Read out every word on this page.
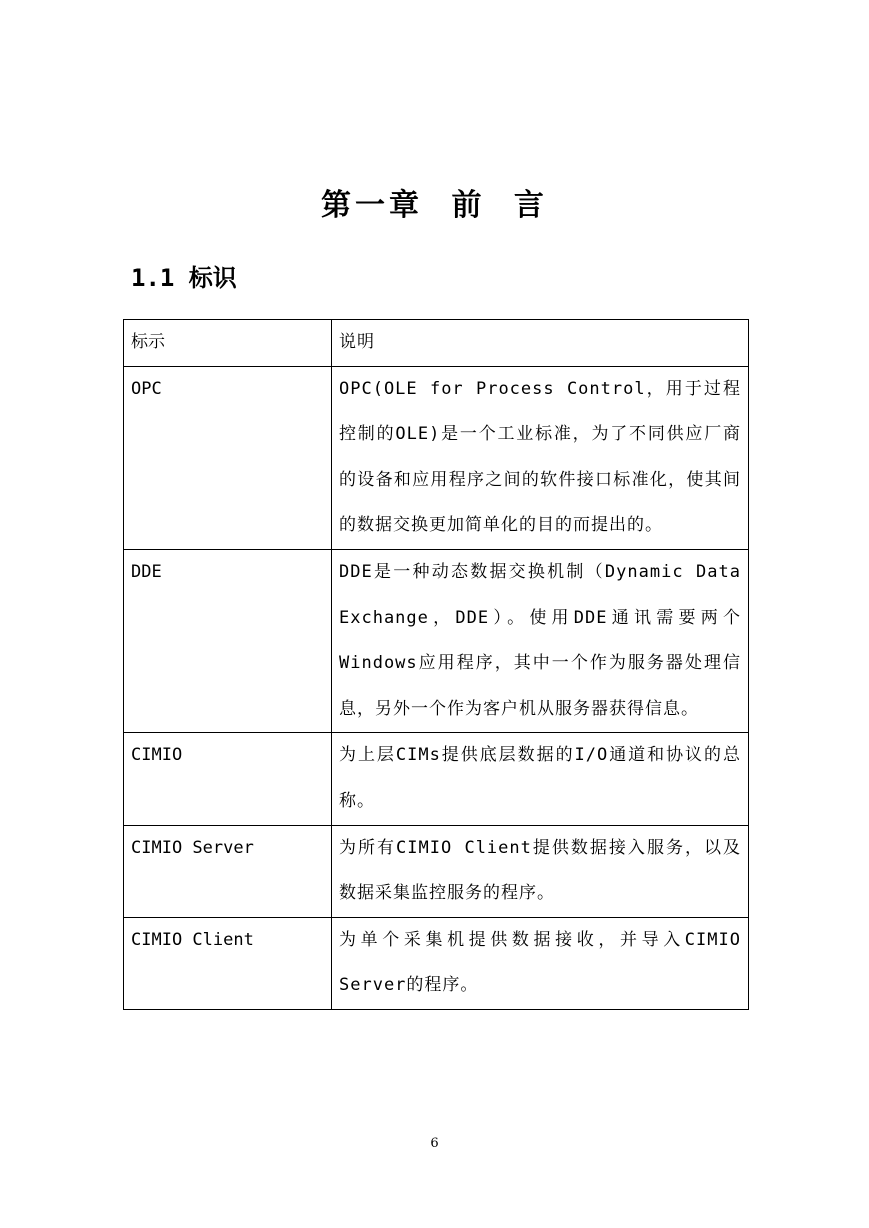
第一章 前 言
1.1 标识
标示	说明
OPC	OPC(OLE for Process Control，用于过程控制的OLE)是一个工业标准，为了不同供应厂商的设备和应用程序之间的软件接口标准化，使其间的数据交换更加简单化的目的而提出的。
DDE	DDE是一种动态数据交换机制（Dynamic Data Exchange，DDE）。使用DDE通讯需要两个Windows应用程序，其中一个作为服务器处理信息，另外一个作为客户机从服务器获得信息。
CIMIO	为上层CIMs提供底层数据的I/O通道和协议的总称。
CIMIO Server	为所有CIMIO Client提供数据接入服务，以及数据采集监控服务的程序。
CIMIO Client	为单个采集机提供数据接收，并导入CIMIO Server的程序。
6
